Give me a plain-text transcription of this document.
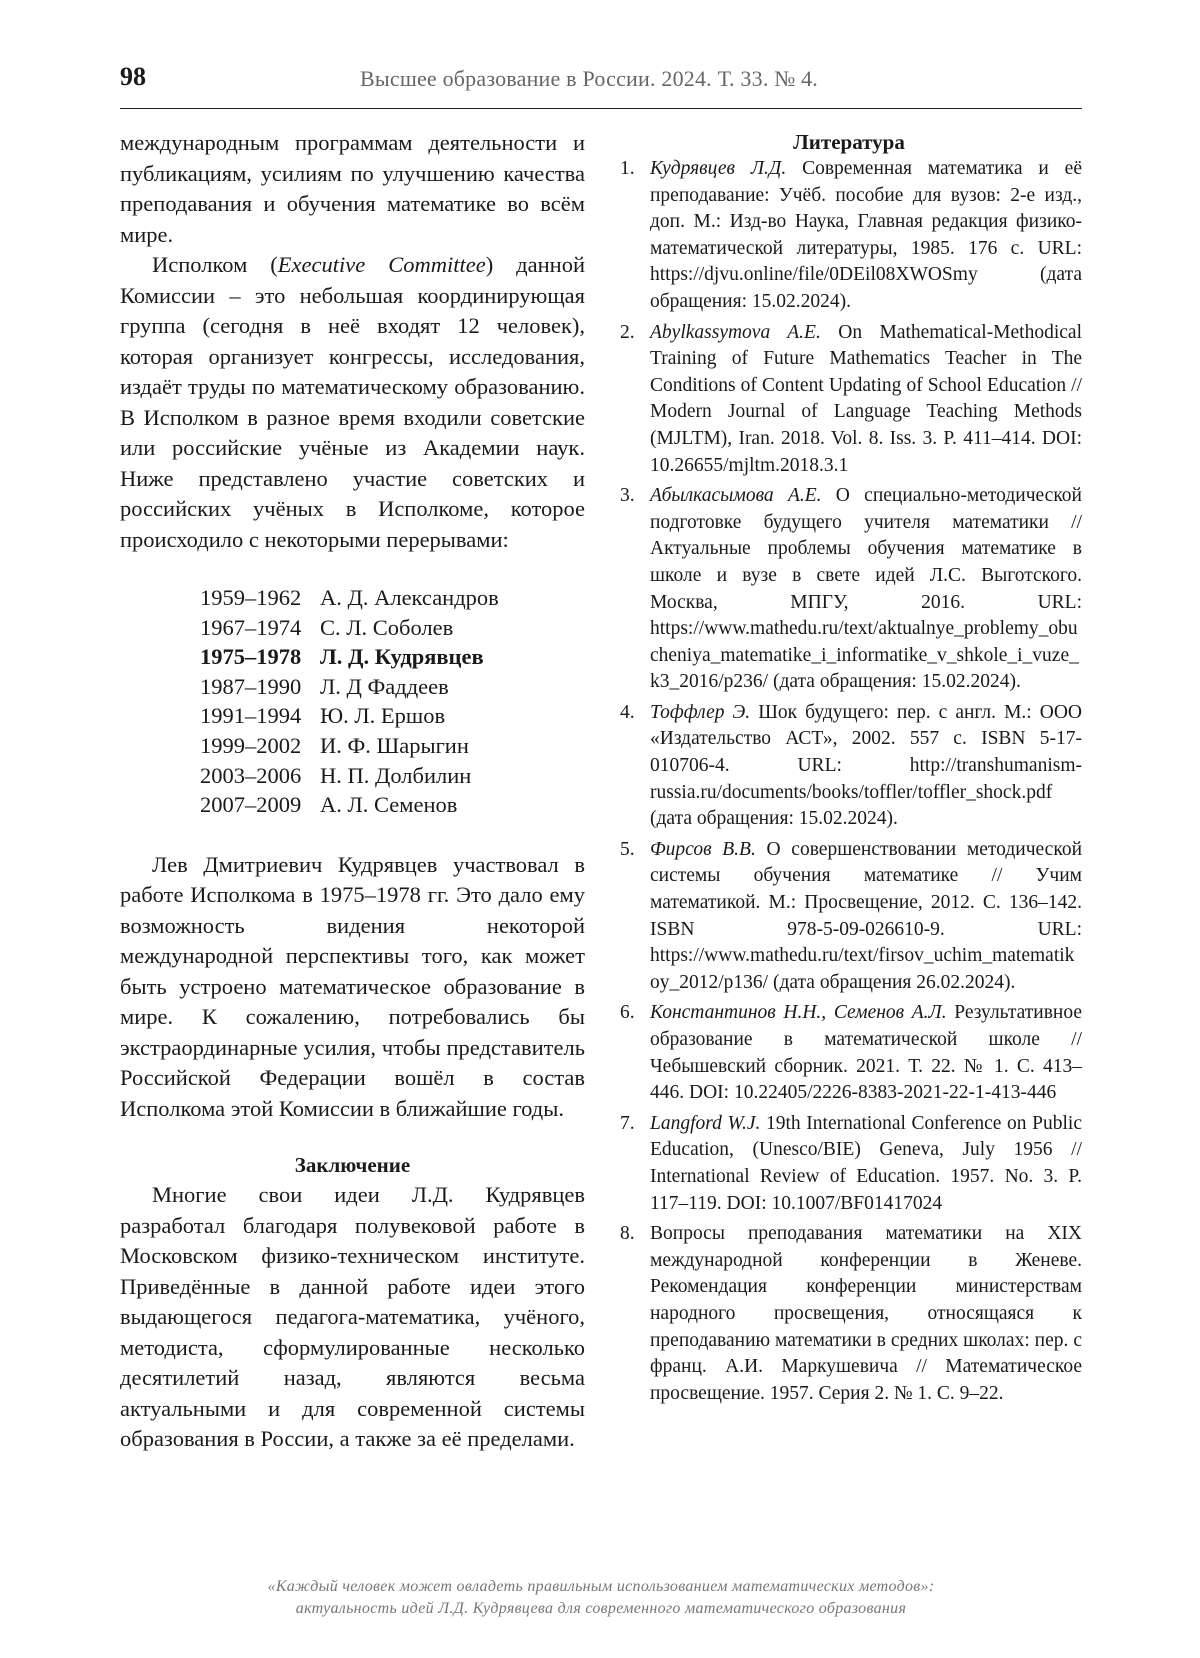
98	Высшее образование в России. 2024. Т. 33. № 4.

международным программам деятельности и публикациям, усилиям по улучшению качества преподавания и обучения математике во всём мире.

Исполком (Executive Committee) данной Комиссии – это небольшая координирующая группа (сегодня в неё входят 12 человек), которая организует конгрессы, исследования, издаёт труды по математическому образованию. В Исполком в разное время входили советские или российские учёные из Академии наук. Ниже представлено участие советских и российских учёных в Исполкоме, которое происходило с некоторыми перерывами:

1959–1962 А. Д. Александров
1967–1974 С. Л. Соболев
1975–1978 Л. Д. Кудрявцев
1987–1990 Л. Д Фаддеев
1991–1994 Ю. Л. Ершов
1999–2002 И. Ф. Шарыгин
2003–2006 Н. П. Долбилин
2007–2009 А. Л. Семенов

Лев Дмитриевич Кудрявцев участвовал в работе Исполкома в 1975–1978 гг. Это дало ему возможность видения некоторой международной перспективы того, как может быть устроено математическое образование в мире. К сожалению, потребовались бы экстраординарные усилия, чтобы представитель Российской Федерации вошёл в состав Исполкома этой Комиссии в ближайшие годы.

Заключение

Многие свои идеи Л.Д. Кудрявцев разработал благодаря полувековой работе в Московском физико-техническом институте. Приведённые в данной работе идеи этого выдающегося педагога-математика, учёного, методиста, сформулированные несколько десятилетий назад, являются весьма актуальными и для современной системы образования в России, а также за её пределами.

Литература
1. Кудрявцев Л.Д. Современная математика и её преподавание: Учёб. пособие для вузов: 2-е изд., доп. М.: Изд-во Наука, Главная редакция физико-математической литературы, 1985. 176 с. URL: https://djvu.online/file/0DEil08XWOSmy (дата обращения: 15.02.2024).
2. Abylkassymova A.E. On Mathematical-Methodical Training of Future Mathematics Teacher in The Conditions of Content Updating of School Education // Modern Journal of Language Teaching Methods (MJLTM), Iran. 2018. Vol. 8. Iss. 3. P. 411–414. DOI: 10.26655/mjltm.2018.3.1
3. Абылкасымова А.Е. О специально-методической подготовке будущего учителя математики // Актуальные проблемы обучения математике в школе и вузе в свете идей Л.С. Выготского. Москва, МПГУ, 2016. URL: https://www.mathedu.ru/text/aktualnye_problemy_obucheniya_matematike_i_informatike_v_shkole_i_vuze_k3_2016/p236/ (дата обращения: 15.02.2024).
4. Тоффлер Э. Шок будущего: пер. с англ. М.: ООО «Издательство АСТ», 2002. 557 с. ISBN 5-17-010706-4. URL: http://transhumanism-russia.ru/documents/books/toffler/toffler_shock.pdf (дата обращения: 15.02.2024).
5. Фирсов В.В. О совершенствовании методической системы обучения математике // Учим математикой. М.: Просвещение, 2012. С. 136–142. ISBN 978-5-09-026610-9. URL: https://www.mathedu.ru/text/firsov_uchim_matematikoy_2012/p136/ (дата обращения 26.02.2024).
6. Константинов Н.Н., Семенов А.Л. Результативное образование в математической школе // Чебышевский сборник. 2021. Т. 22. № 1. С. 413–446. DOI: 10.22405/2226-8383-2021-22-1-413-446
7. Langford W.J. 19th International Conference on Public Education, (Unesco/BIE) Geneva, July 1956 // International Review of Education. 1957. No. 3. P. 117–119. DOI: 10.1007/BF01417024
8. Вопросы преподавания математики на XIX международной конференции в Женеве. Рекомендация конференции министерствам народного просвещения, относящаяся к преподаванию математики в средних школах: пер. с франц. А.И. Маркушевича // Математическое просвещение. 1957. Серия 2. № 1. С. 9–22.
«Каждый человек может овладеть правильным использованием математических методов»:
актуальность идей Л.Д. Кудрявцева для современного математического образования
